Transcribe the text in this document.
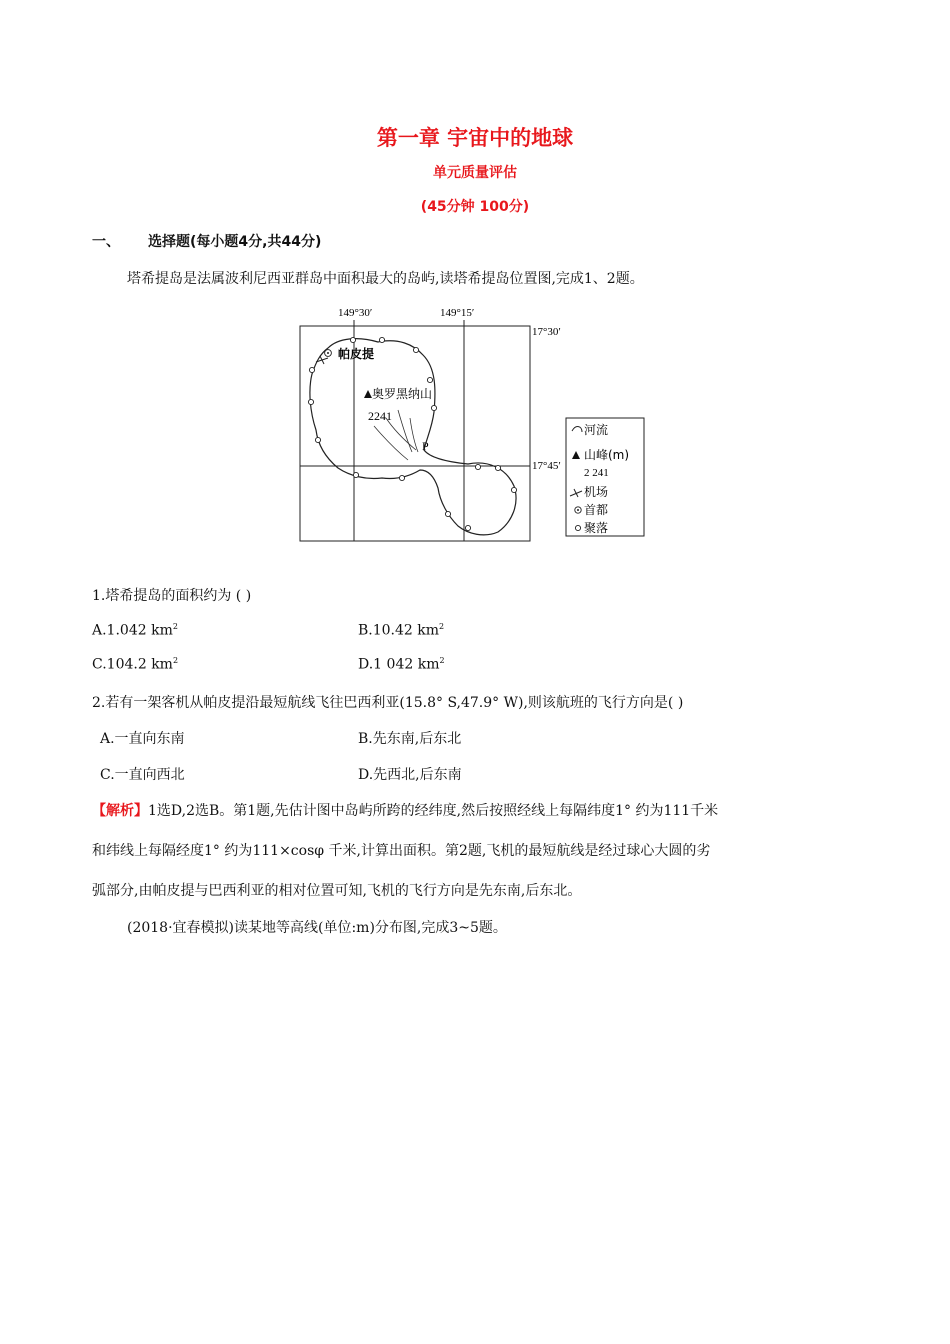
第一章 宇宙中的地球
单元质量评估
(45分钟 100分)
一、 选择题(每小题4分,共44分)
塔希提岛是法属波利尼西亚群岛中面积最大的岛屿,读塔希提岛位置图,完成1、2题。
149°30′	149°15′
17°30′
17°45′
帕皮提
奥罗黑纳山
2241
P
河流
山峰(m)
2 241
机场
首都
聚落
1.塔希提岛的面积约为 ( )
A.1.042 $km^2$	B.10.42 $km^2$
C.104.2 $km^2$	D.1 042 $km^2$
2.若有一架客机从帕皮提沿最短航线飞往巴西利亚(15.8° S,47.9° W),则该航班的飞行方向是( )
A.一直向东南	B.先东南,后东北
C.一直向西北	D.先西北,后东南
【解析】1选D,2选B。第1题,先估计图中岛屿所跨的经纬度,然后按照经线上每隔纬度1° 约为111千米
和纬线上每隔经度1° 约为111×cosφ 千米,计算出面积。第2题,飞机的最短航线是经过球心大圆的劣
弧部分,由帕皮提与巴西利亚的相对位置可知,飞机的飞行方向是先东南,后东北。
(2018·宜春模拟)读某地等高线(单位:m)分布图,完成3~5题。
